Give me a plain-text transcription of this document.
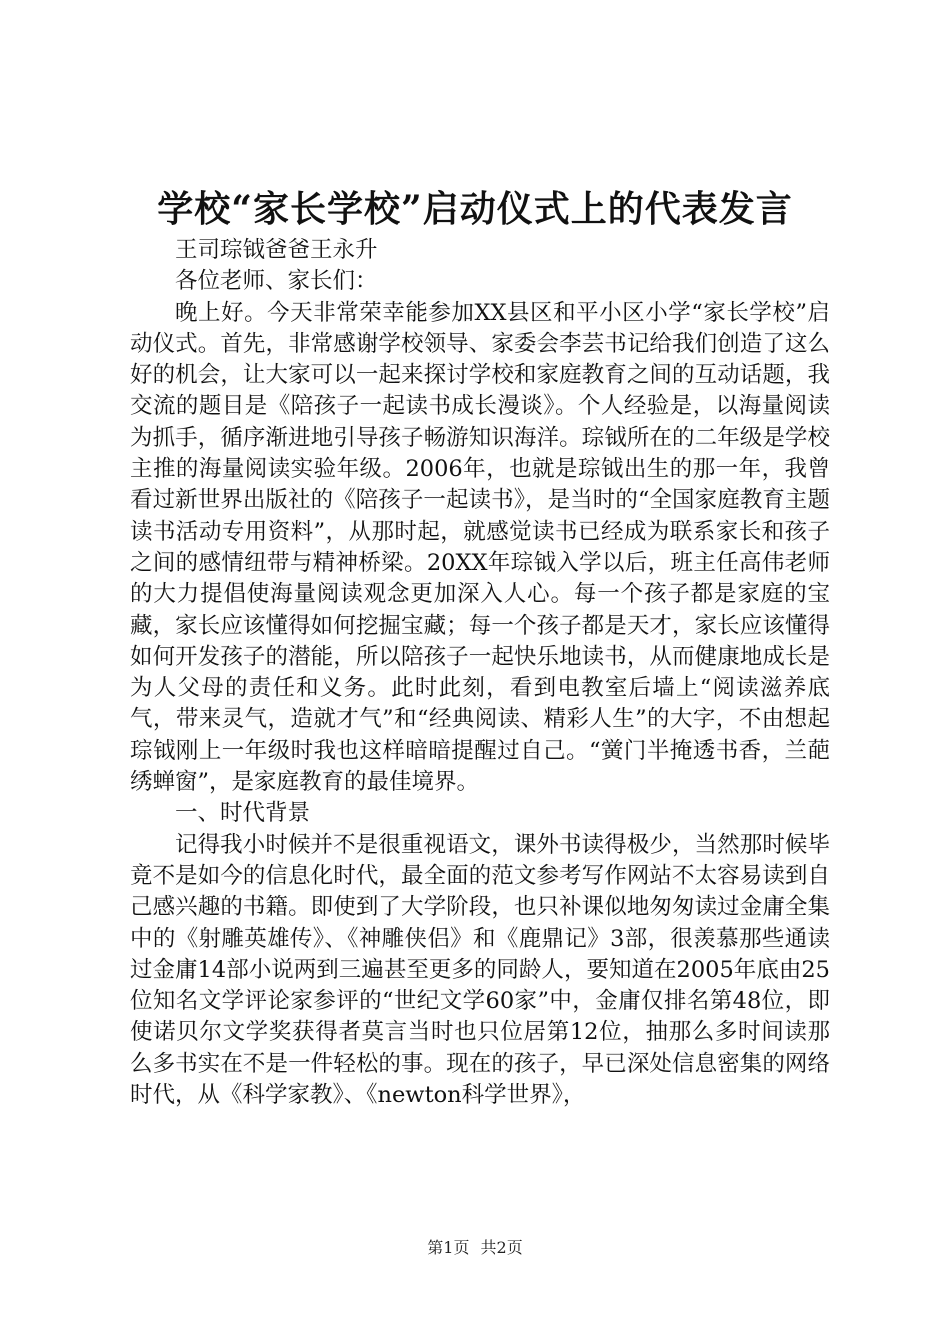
学校“家长学校”启动仪式上的代表发言

王司琮钺爸爸王永升

各位老师、家长们：

晚上好。今天非常荣幸能参加XX县区和平小区小学“家长学校”启动仪式。首先，非常感谢学校领导、家委会李芸书记给我们创造了这么好的机会，让大家可以一起来探讨学校和家庭教育之间的互动话题，我交流的题目是《陪孩子一起读书成长漫谈》。个人经验是，以海量阅读为抓手，循序渐进地引导孩子畅游知识海洋。琮钺所在的二年级是学校主推的海量阅读实验年级。2006年，也就是琮钺出生的那一年，我曾看过新世界出版社的《陪孩子一起读书》，是当时的“全国家庭教育主题读书活动专用资料”，从那时起，就感觉读书已经成为联系家长和孩子之间的感情纽带与精神桥梁。20XX年琮钺入学以后，班主任高伟老师的大力提倡使海量阅读观念更加深入人心。每一个孩子都是家庭的宝藏，家长应该懂得如何挖掘宝藏；每一个孩子都是天才，家长应该懂得如何开发孩子的潜能，所以陪孩子一起快乐地读书，从而健康地成长是为人父母的责任和义务。此时此刻，看到电教室后墙上“阅读滋养底气，带来灵气，造就才气”和“经典阅读、精彩人生”的大字，不由想起琮钺刚上一年级时我也这样暗暗提醒过自己。“黉门半掩透书香，兰葩绣蝉窗”，是家庭教育的最佳境界。

一、时代背景

记得我小时候并不是很重视语文，课外书读得极少，当然那时候毕竟不是如今的信息化时代，最全面的范文参考写作网站不太容易读到自己感兴趣的书籍。即使到了大学阶段，也只补课似地匆匆读过金庸全集中的《射雕英雄传》、《神雕侠侣》和《鹿鼎记》3部，很羡慕那些通读过金庸14部小说两到三遍甚至更多的同龄人，要知道在2005年底由25位知名文学评论家参评的“世纪文学60家”中，金庸仅排名第48位，即使诺贝尔文学奖获得者莫言当时也只位居第12位，抽那么多时间读那么多书实在不是一件轻松的事。现在的孩子，早已深处信息密集的网络时代，从《科学家教》、《newton科学世界》，

第1页 共2页
